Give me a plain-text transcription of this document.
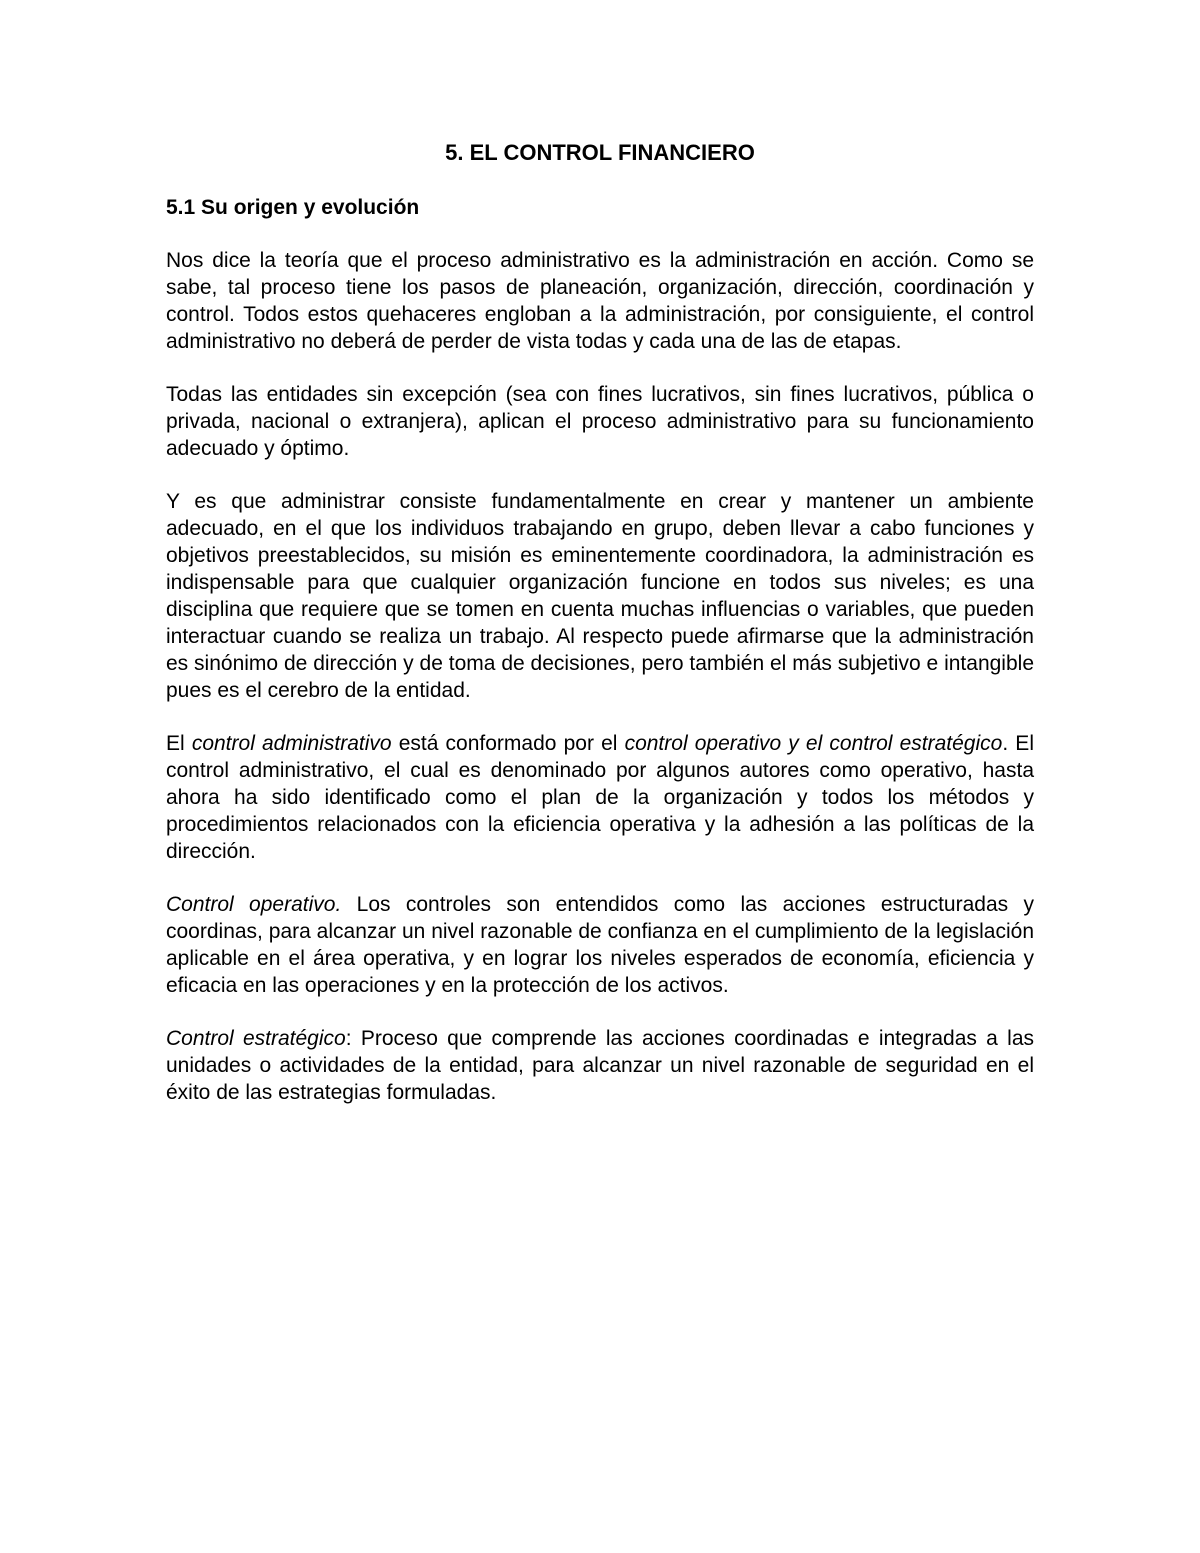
5. EL CONTROL FINANCIERO
5.1 Su origen y evolución

Nos dice la teoría que el proceso administrativo es la administración en acción. Como se sabe, tal proceso tiene los pasos de planeación, organización, dirección, coordinación y control. Todos estos quehaceres engloban a la administración, por consiguiente, el control administrativo no deberá de perder de vista todas y cada una de las de etapas.

Todas las entidades sin excepción (sea con fines lucrativos, sin fines lucrativos, pública o privada, nacional o extranjera), aplican el proceso administrativo para su funcionamiento adecuado y óptimo.

Y es que administrar consiste fundamentalmente en crear y mantener un ambiente adecuado, en el que los individuos trabajando en grupo, deben llevar a cabo funciones y objetivos preestablecidos, su misión es eminentemente coordinadora, la administración es indispensable para que cualquier organización funcione en todos sus niveles; es una disciplina que requiere que se tomen en cuenta muchas influencias o variables, que pueden interactuar cuando se realiza un trabajo. Al respecto puede afirmarse que la administración es sinónimo de dirección y de toma de decisiones, pero también el más subjetivo e intangible pues es el cerebro de la entidad.

El control administrativo está conformado por el control operativo y el control estratégico. El control administrativo, el cual es denominado por algunos autores como operativo, hasta ahora ha sido identificado como el plan de la organización y todos los métodos y procedimientos relacionados con la eficiencia operativa y la adhesión a las políticas de la dirección.

Control operativo. Los controles son entendidos como las acciones estructuradas y coordinas, para alcanzar un nivel razonable de confianza en el cumplimiento de la legislación aplicable en el área operativa, y en lograr los niveles esperados de economía, eficiencia y eficacia en las operaciones y en la protección de los activos.

Control estratégico: Proceso que comprende las acciones coordinadas e integradas a las unidades o actividades de la entidad, para alcanzar un nivel razonable de seguridad en el éxito de las estrategias formuladas.
